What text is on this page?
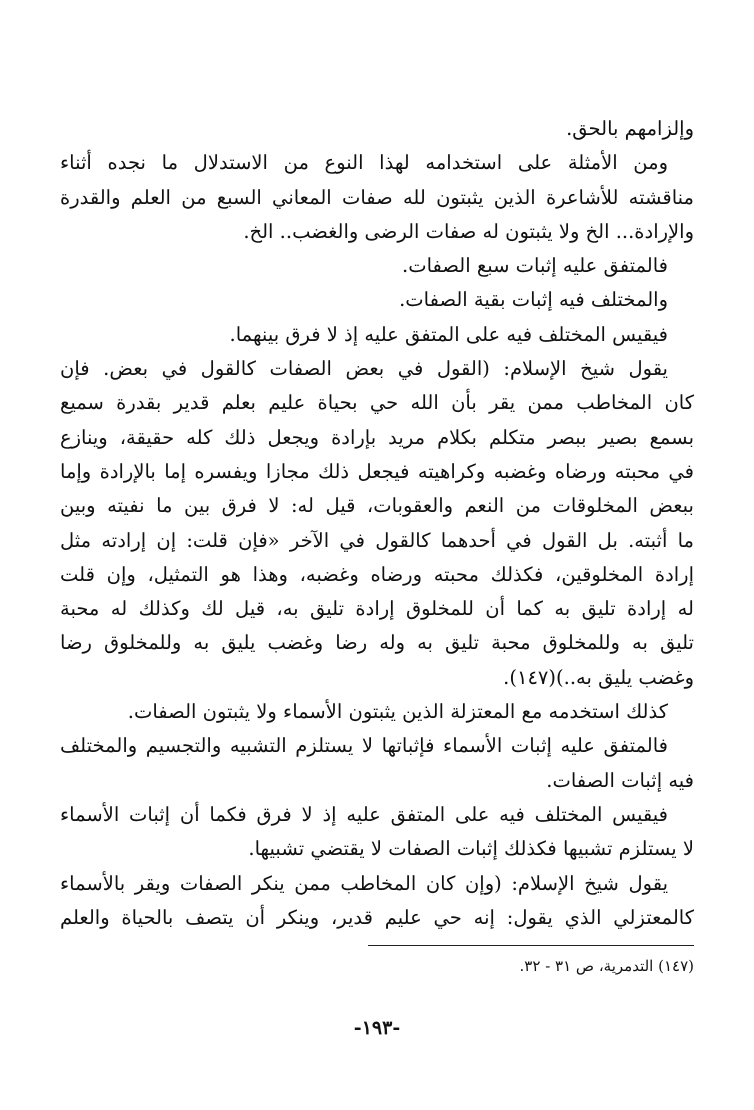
وإلزامهم بالحق.
ومن الأمثلة على استخدامه لهذا النوع من الاستدلال ما نجده أثناء
مناقشته للأشاعرة الذين يثبتون لله صفات المعاني السبع من العلم والقدرة
والإرادة... الخ ولا يثبتون له صفات الرضى والغضب.. الخ.
فالمتفق عليه إثبات سبع الصفات.
والمختلف فيه إثبات بقية الصفات.
فيقيس المختلف فيه على المتفق عليه إذ لا فرق بينهما.
يقول شيخ الإسلام: (القول في بعض الصفات كالقول في بعض. فإن
كان المخاطب ممن يقر بأن الله حي بحياة عليم بعلم قدير بقدرة سميع
بسمع بصير ببصر متكلم بكلام مريد بإرادة ويجعل ذلك كله حقيقة، وينازع
في محبته ورضاه وغضبه وكراهيته فيجعل ذلك مجازا ويفسره إما بالإرادة وإما
ببعض المخلوقات من النعم والعقوبات، قيل له: لا فرق بين ما نفيته وبين
ما أثبته. بل القول في أحدهما كالقول في الآخر «فإن قلت: إن إرادته مثل
إرادة المخلوقين، فكذلك محبته ورضاه وغضبه، وهذا هو التمثيل، وإن قلت
له إرادة تليق به كما أن للمخلوق إرادة تليق به، قيل لك وكذلك له محبة
تليق به وللمخلوق محبة تليق به وله رضا وغضب يليق به وللمخلوق رضا
وغضب يليق به..)(١٤٧).
كذلك استخدمه مع المعتزلة الذين يثبتون الأسماء ولا يثبتون الصفات.
فالمتفق عليه إثبات الأسماء فإثباتها لا يستلزم التشبيه والتجسيم والمختلف
فيه إثبات الصفات.
فيقيس المختلف فيه على المتفق عليه إذ لا فرق فكما أن إثبات الأسماء
لا يستلزم تشبيها فكذلك إثبات الصفات لا يقتضي تشبيها.
يقول شيخ الإسلام: (وإن كان المخاطب ممن ينكر الصفات ويقر بالأسماء
كالمعتزلي الذي يقول: إنه حي عليم قدير، وينكر أن يتصف بالحياة والعلم
(١٤٧) التدمرية، ص ٣١ - ٣٢.
-١٩٣-
